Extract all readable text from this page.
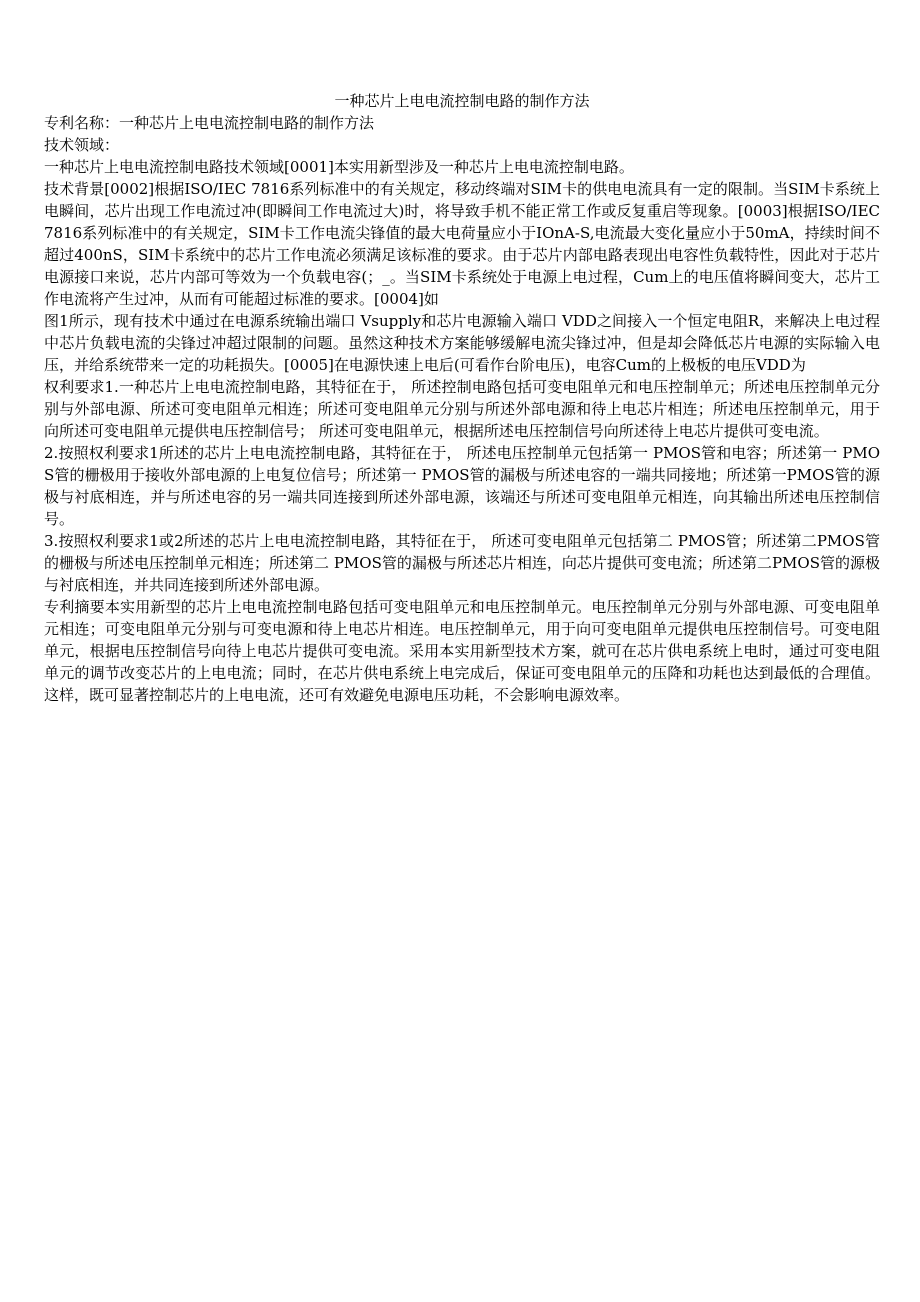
一种芯片上电电流控制电路的制作方法

专利名称：一种芯片上电电流控制电路的制作方法

技术领域：

一种芯片上电电流控制电路技术领域[0001]本实用新型涉及一种芯片上电电流控制电路。

技术背景[0002]根据ISO/IEC 7816系列标准中的有关规定，移动终端对SIM卡的供电电流具有一定的限制。当SIM卡系统上电瞬间，芯片出现工作电流过冲(即瞬间工作电流过大)时，将导致手机不能正常工作或反复重启等现象。[0003]根据ISO/IEC 7816系列标准中的有关规定，SIM卡工作电流尖锋值的最大电荷量应小于IOnA-S,电流最大变化量应小于50mA，持续时间不超过400nS，SIM卡系统中的芯片工作电流必须满足该标准的要求。由于芯片内部电路表现出电容性负载特性，因此对于芯片电源接口来说，芯片内部可等效为一个负载电容(；_。当SIM卡系统处于电源上电过程，Cum上的电压值将瞬间变大，芯片工作电流将产生过冲，从而有可能超过标准的要求。[0004]如

图1所示，现有技术中通过在电源系统输出端口 Vsupply和芯片电源输入端口 VDD之间接入一个恒定电阻R，来解决上电过程中芯片负载电流的尖锋过冲超过限制的问题。虽然这种技术方案能够缓解电流尖锋过冲，但是却会降低芯片电源的实际输入电压，并给系统带来一定的功耗损失。[0005]在电源快速上电后(可看作台阶电压)，电容Cum的上极板的电压VDD为

权利要求1.一种芯片上电电流控制电路，其特征在于， 所述控制电路包括可变电阻单元和电压控制单元；所述电压控制单元分别与外部电源、所述可变电阻单元相连；所述可变电阻单元分别与所述外部电源和待上电芯片相连；所述电压控制单元，用于向所述可变电阻单元提供电压控制信号； 所述可变电阻单元，根据所述电压控制信号向所述待上电芯片提供可变电流。

2.按照权利要求1所述的芯片上电电流控制电路，其特征在于， 所述电压控制单元包括第一 PMOS管和电容；所述第一 PMOS管的栅极用于接收外部电源的上电复位信号；所述第一 PMOS管的漏极与所述电容的一端共同接地；所述第一PMOS管的源极与衬底相连，并与所述电容的另一端共同连接到所述外部电源，该端还与所述可变电阻单元相连，向其输出所述电压控制信号。

3.按照权利要求1或2所述的芯片上电电流控制电路，其特征在于， 所述可变电阻单元包括第二 PMOS管；所述第二PMOS管的栅极与所述电压控制单元相连；所述第二 PMOS管的漏极与所述芯片相连，向芯片提供可变电流；所述第二PMOS管的源极与衬底相连，并共同连接到所述外部电源。

专利摘要本实用新型的芯片上电电流控制电路包括可变电阻单元和电压控制单元。电压控制单元分别与外部电源、可变电阻单元相连；可变电阻单元分别与可变电源和待上电芯片相连。电压控制单元，用于向可变电阻单元提供电压控制信号。可变电阻单元，根据电压控制信号向待上电芯片提供可变电流。采用本实用新型技术方案，就可在芯片供电系统上电时，通过可变电阻单元的调节改变芯片的上电电流；同时，在芯片供电系统上电完成后，保证可变电阻单元的压降和功耗也达到最低的合理值。这样，既可显著控制芯片的上电电流，还可有效避免电源电压功耗，不会影响电源效率。
